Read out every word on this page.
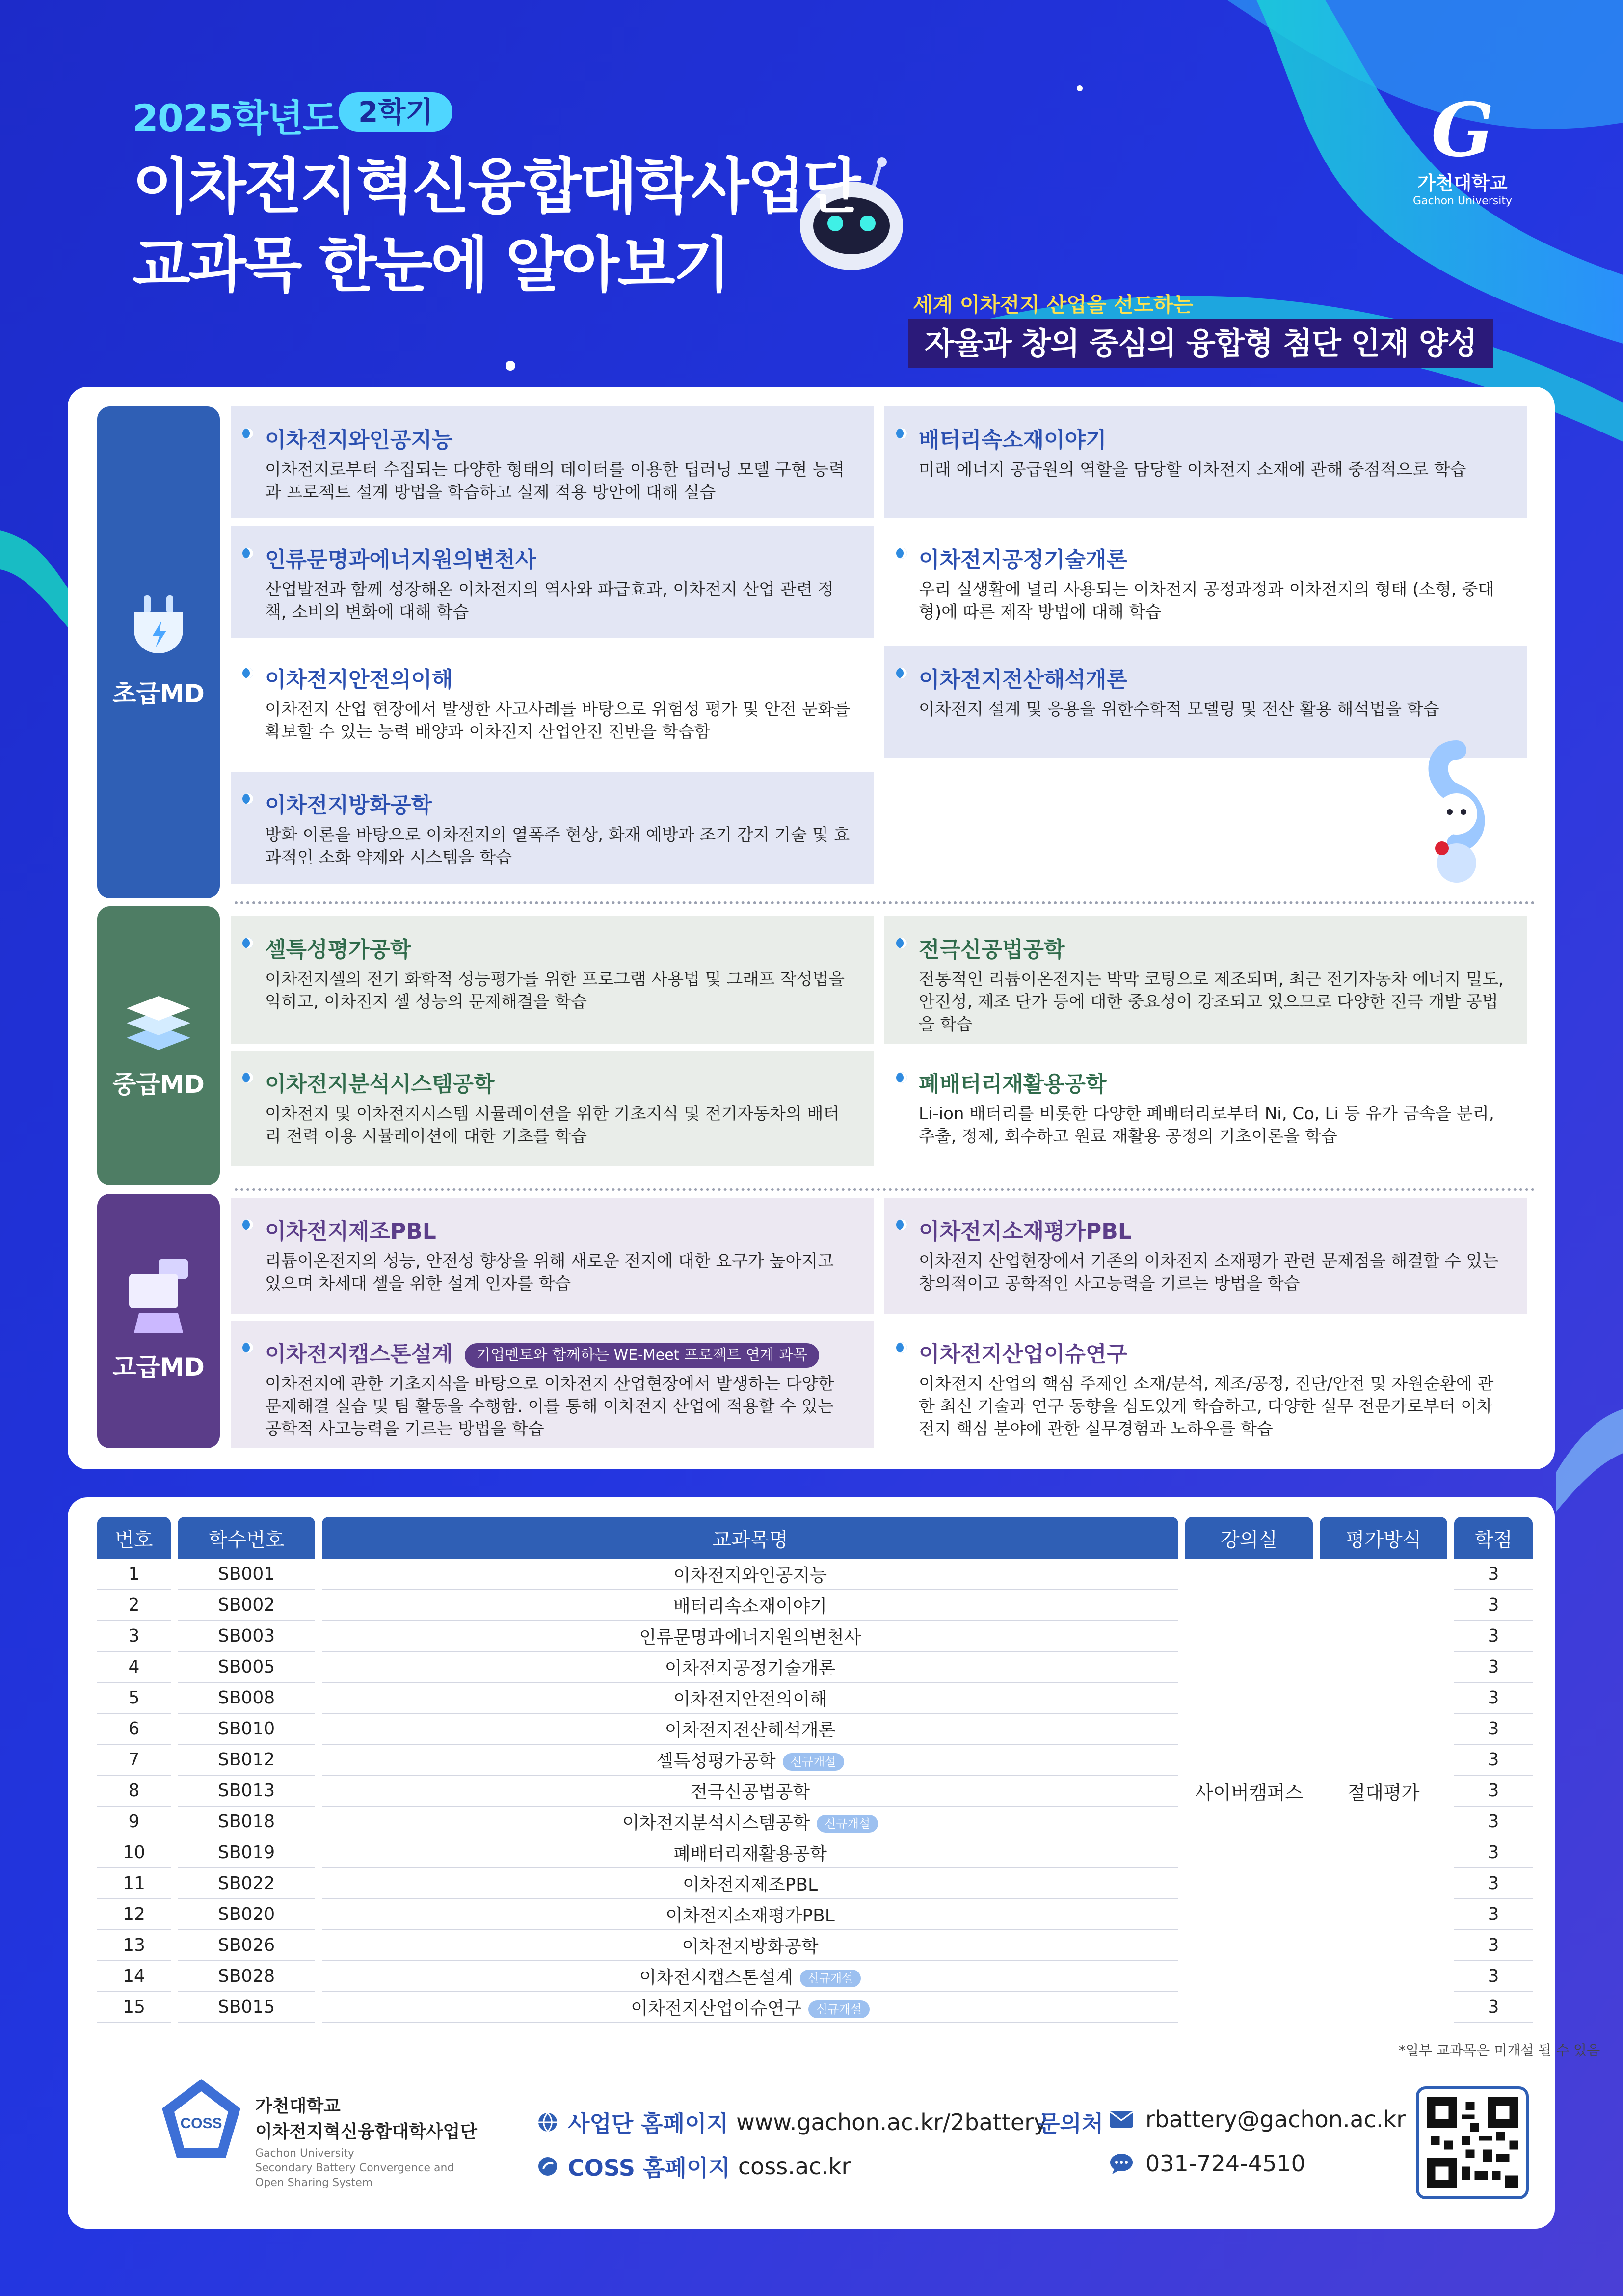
2025학년도 2학기
이차전지혁신융합대학사업단
교과목 한눈에 알아보기
세계 이차전지 산업을 선도하는
자율과 창의 중심의 융합형 첨단 인재 양성
G
가천대학교
Gachon University
초급MD
이차전지와인공지능
이차전지로부터 수집되는 다양한 형태의 데이터를 이용한 딥러닝 모델 구현 능력과 프로젝트 설계 방법을 학습하고 실제 적용 방안에 대해 실습
배터리속소재이야기
미래 에너지 공급원의 역할을 담당할 이차전지 소재에 관해 중점적으로 학습
인류문명과에너지원의변천사
산업발전과 함께 성장해온 이차전지의 역사와 파급효과, 이차전지 산업 관련 정책, 소비의 변화에 대해 학습
이차전지공정기술개론
우리 실생활에 널리 사용되는 이차전지 공정과정과 이차전지의 형태 (소형, 중대형)에 따른 제작 방법에 대해 학습
이차전지안전의이해
이차전지 산업 현장에서 발생한 사고사례를 바탕으로 위험성 평가 및 안전 문화를 확보할 수 있는 능력 배양과 이차전지 산업안전 전반을 학습함
이차전지전산해석개론
이차전지 설계 및 응용을 위한수학적 모델링 및 전산 활용 해석법을 학습
이차전지방화공학
방화 이론을 바탕으로 이차전지의 열폭주 현상, 화재 예방과 조기 감지 기술 및 효과적인 소화 약제와 시스템을 학습
중급MD
셀특성평가공학
이차전지셀의 전기 화학적 성능평가를 위한 프로그램 사용법 및 그래프 작성법을 익히고, 이차전지 셀 성능의 문제해결을 학습
전극신공법공학
전통적인 리튬이온전지는 박막 코팅으로 제조되며, 최근 전기자동차 에너지 밀도, 안전성, 제조 단가 등에 대한 중요성이 강조되고 있으므로 다양한 전극 개발 공법을 학습
이차전지분석시스템공학
이차전지 및 이차전지시스템 시뮬레이션을 위한 기초지식 및 전기자동차의 배터리 전력 이용 시뮬레이션에 대한 기초를 학습
폐배터리재활용공학
Li-ion 배터리를 비롯한 다양한 폐배터리로부터 Ni, Co, Li 등 유가 금속을 분리, 추출, 정제, 회수하고 원료 재활용 공정의 기초이론을 학습
고급MD
이차전지제조PBL
리튬이온전지의 성능, 안전성 향상을 위해 새로운 전지에 대한 요구가 높아지고 있으며 차세대 셀을 위한 설계 인자를 학습
이차전지소재평가PBL
이차전지 산업현장에서 기존의 이차전지 소재평가 관련 문제점을 해결할 수 있는 창의적이고 공학적인 사고능력을 기르는 방법을 학습
이차전지캡스톤설계 기업멘토와 함께하는 WE-Meet 프로젝트 연계 과목
이차전지에 관한 기초지식을 바탕으로 이차전지 산업현장에서 발생하는 다양한 문제해결 실습 및 팀 활동을 수행함. 이를 통해 이차전지 산업에 적용할 수 있는 공학적 사고능력을 기르는 방법을 학습
이차전지산업이슈연구
이차전지 산업의 핵심 주제인 소재/분석, 제조/공정, 진단/안전 및 자원순환에 관한 최신 기술과 연구 동향을 심도있게 학습하고, 다양한 실무 전문가로부터 이차전지 핵심 분야에 관한 실무경험과 노하우를 학습
번호	학수번호	교과목명	강의실	평가방식	학점
1	SB001	이차전지와인공지능	사이버캠퍼스	절대평가	3
2	SB002	배터리속소재이야기			3
3	SB003	인류문명과에너지원의변천사			3
4	SB005	이차전지공정기술개론			3
5	SB008	이차전지안전의이해			3
6	SB010	이차전지전산해석개론			3
7	SB012	셀특성평가공학 신규개설			3
8	SB013	전극신공법공학			3
9	SB018	이차전지분석시스템공학 신규개설			3
10	SB019	폐배터리재활용공학			3
11	SB022	이차전지제조PBL			3
12	SB020	이차전지소재평가PBL			3
13	SB026	이차전지방화공학			3
14	SB028	이차전지캡스톤설계 신규개설			3
15	SB015	이차전지산업이슈연구 신규개설			3
*일부 교과목은 미개설 될 수 있음
COSS
가천대학교
이차전지혁신융합대학사업단
Gachon University
Secondary Battery Convergence and
Open Sharing System
사업단 홈페이지 www.gachon.ac.kr/2battery
COSS 홈페이지 coss.ac.kr
문의처 rbattery@gachon.ac.kr
031-724-4510
